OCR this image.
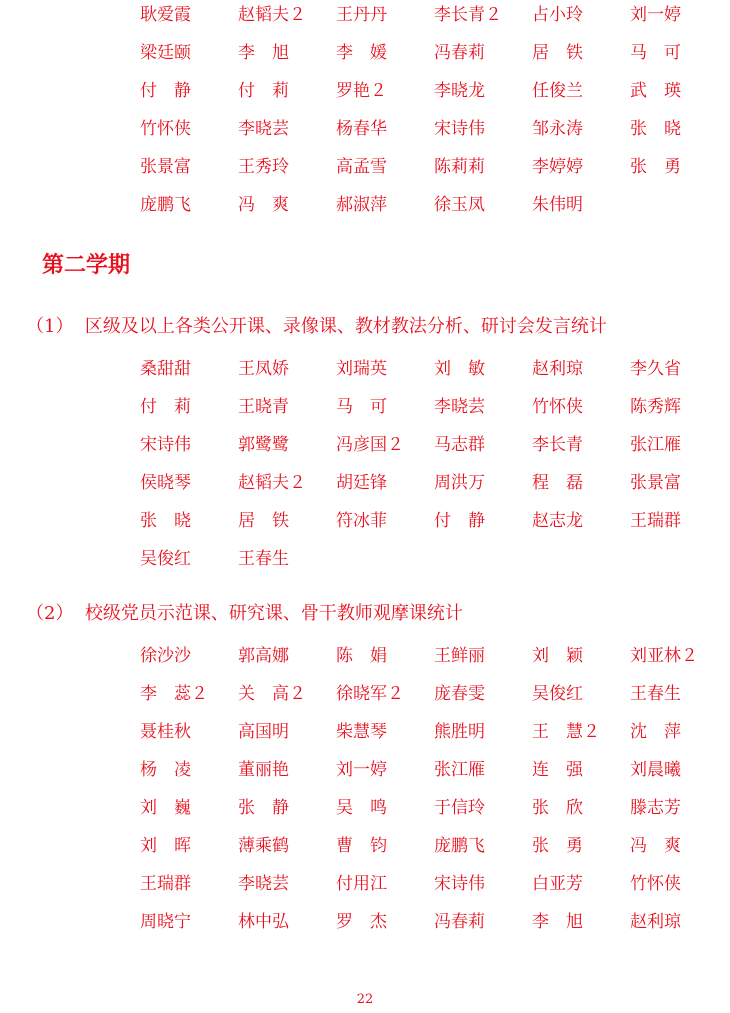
耿爱霞	赵韬夫２	王丹丹	李长青２	占小玲	刘一婷
梁廷颐	李　旭	李　媛	冯春莉	居　铁	马　可
付　静	付　莉	罗艳２	李晓龙	任俊兰	武　瑛
竹怀侠	李晓芸	杨春华	宋诗伟	邹永涛	张　晓
张景富	王秀玲	高孟雪	陈莉莉	李婷婷	张　勇
庞鹏飞	冯　爽	郝淑萍	徐玉凤	朱伟明
第二学期
（1）  区级及以上各类公开课、录像课、教材教法分析、研讨会发言统计
桑甜甜	王凤娇	刘瑞英	刘　敏	赵利琼	李久省
付　莉	王晓青	马　可	李晓芸	竹怀侠	陈秀辉
宋诗伟	郭鹭鹭	冯彦国２	马志群	李长青	张江雁
侯晓琴	赵韬夫２	胡廷锋	周洪万	程　磊	张景富
张　晓	居　铁	符冰菲	付　静	赵志龙	王瑞群
吴俊红	王春生
（2）  校级党员示范课、研究课、骨干教师观摩课统计
徐沙沙	郭高娜	陈　娟	王鲜丽	刘　颖	刘亚林２
李　蕊２	关　高２	徐晓军２	庞春雯	吴俊红	王春生
聂桂秋	高国明	柴慧琴	熊胜明	王　慧２	沈　萍
杨　凌	董丽艳	刘一婷	张江雁	连　强	刘晨曦
刘　巍	张　静	吴　鸣	于信玲	张　欣	滕志芳
刘　晖	薄乘鹤	曹　钧	庞鹏飞	张　勇	冯　爽
王瑞群	李晓芸	付用江	宋诗伟	白亚芳	竹怀侠
周晓宁	林中弘	罗　杰	冯春莉	李　旭	赵利琼
22
